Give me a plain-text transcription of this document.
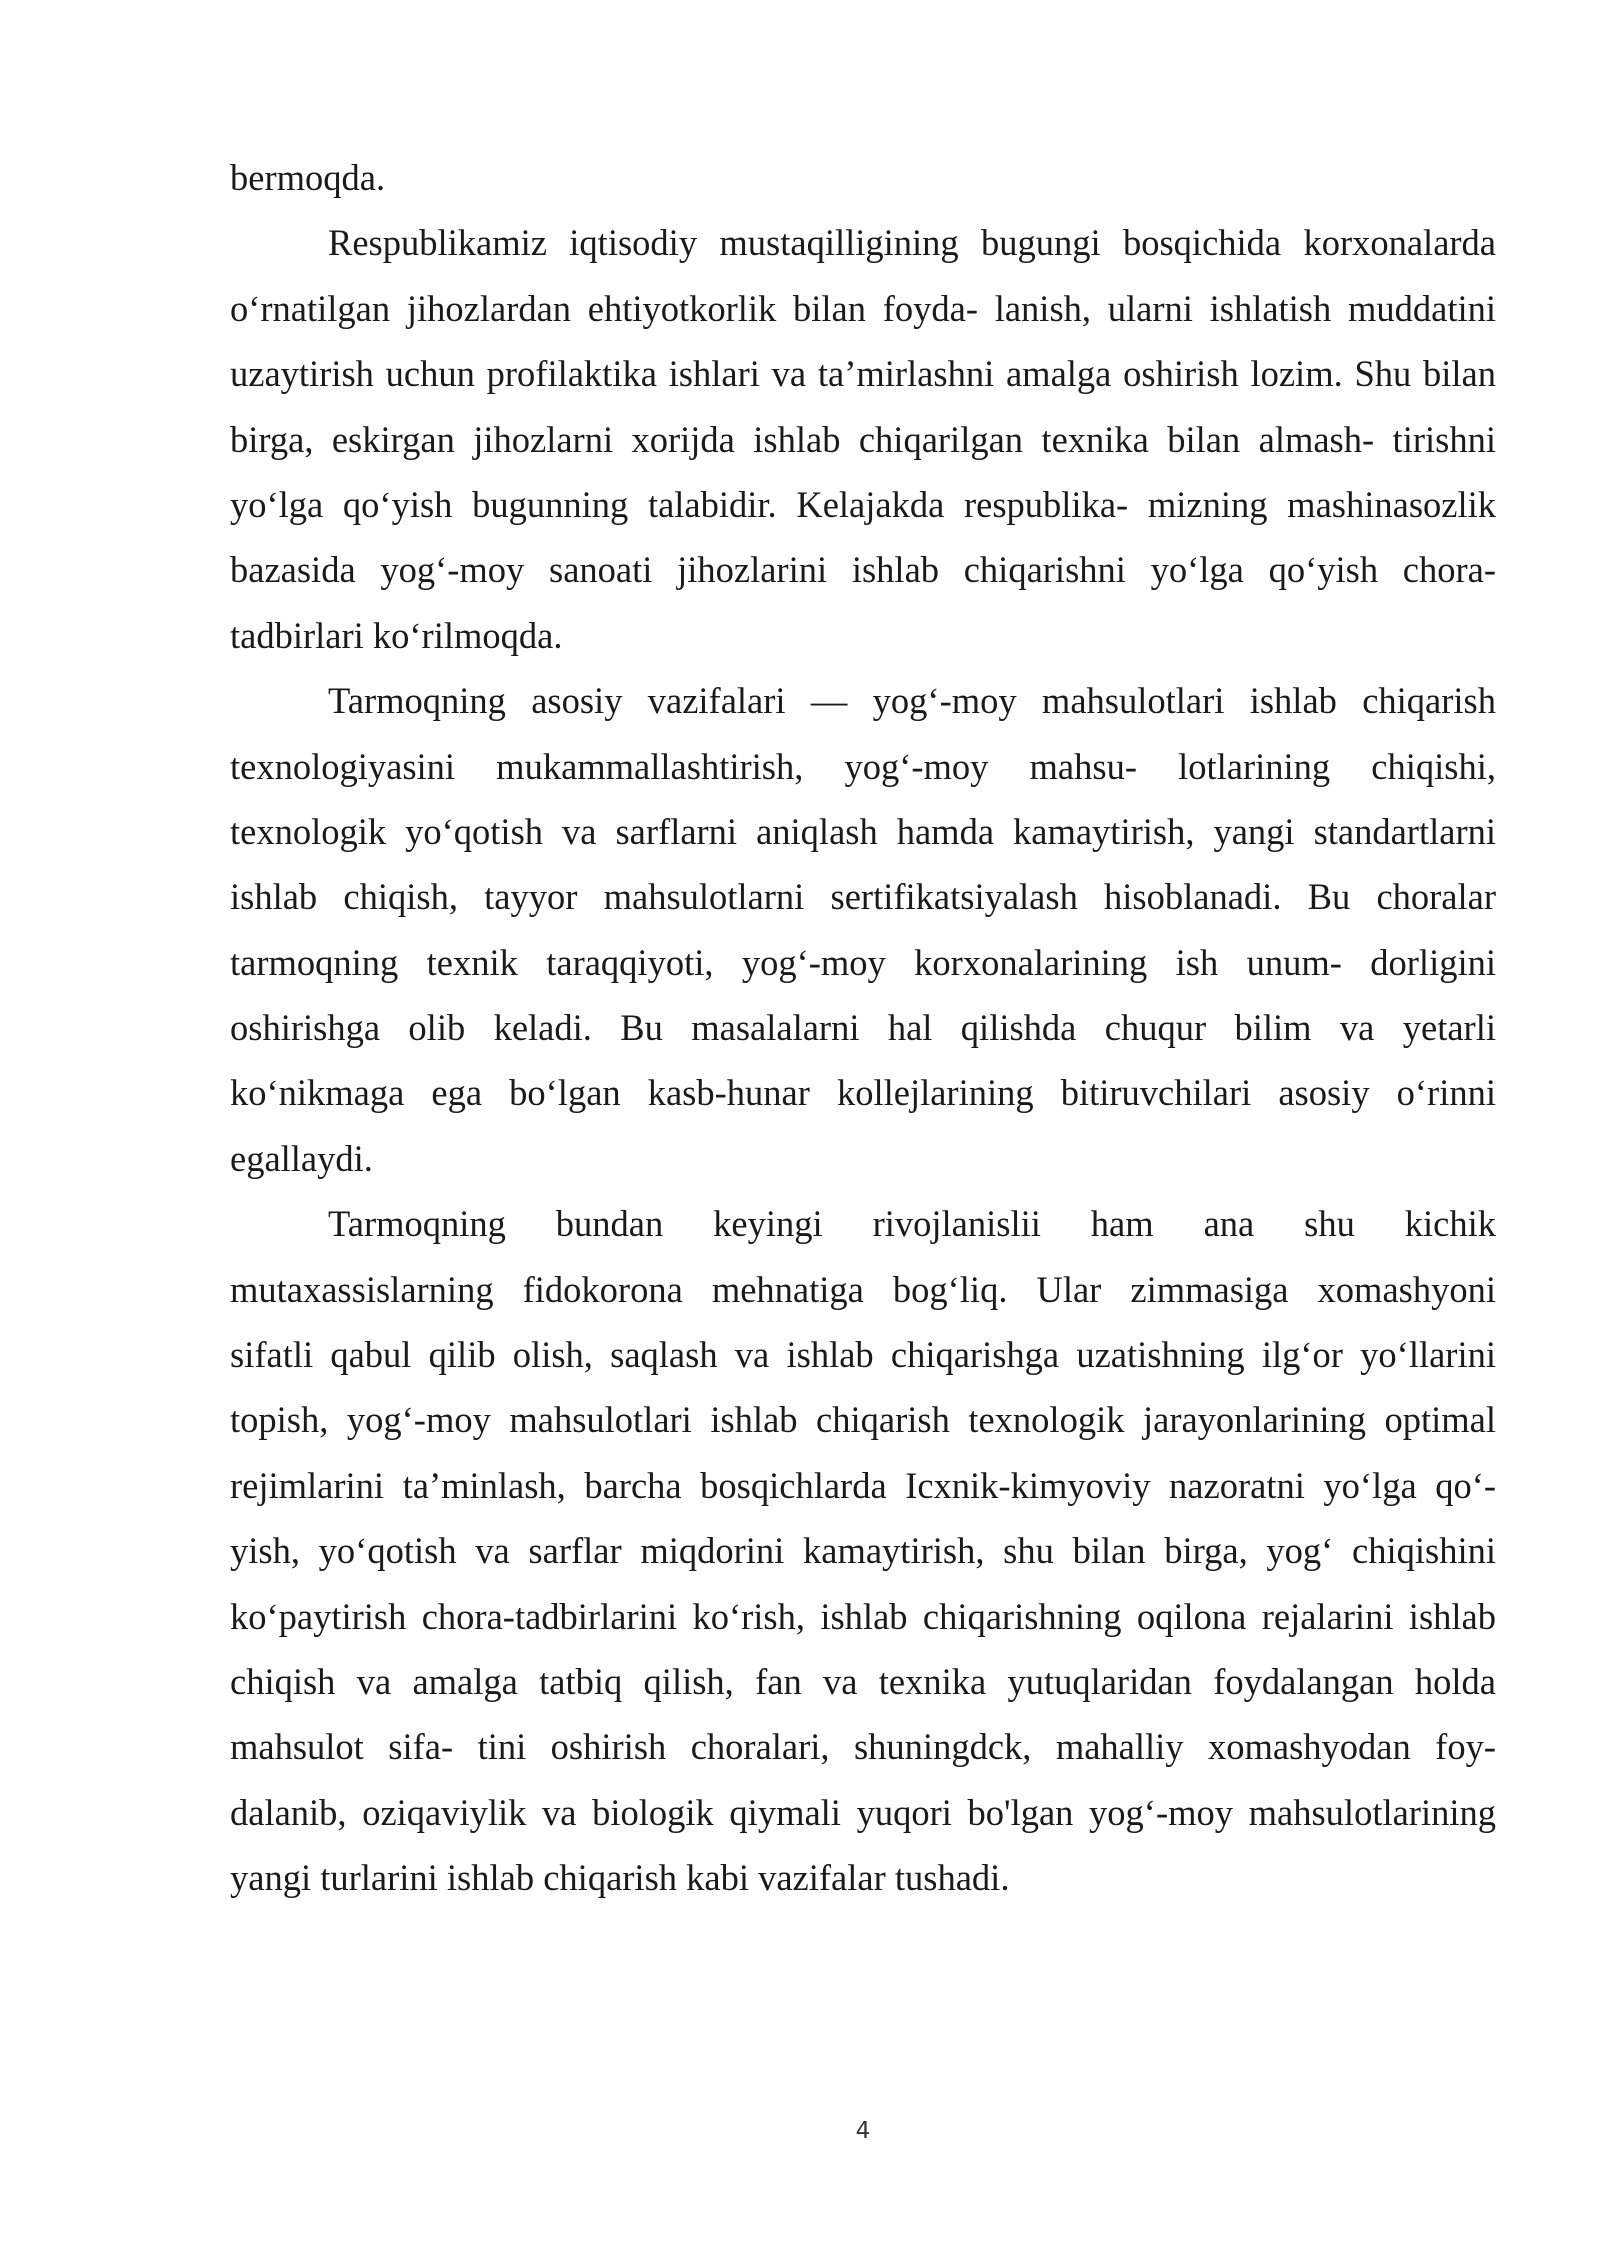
bermoqda.
Respublikamiz iqtisodiy mustaqilligining bugungi bosqichida korxonalarda
o‘rnatilgan jihozlardan ehtiyotkorlik bilan foyda- lanish, ularni ishlatish muddatini
uzaytirish uchun profilaktika ishlari va ta’mirlashni amalga oshirish lozim. Shu bilan
birga, eskirgan jihozlarni xorijda ishlab chiqarilgan texnika bilan almash- tirishni
yo‘lga qo‘yish bugunning talabidir. Kelajakda respublika- mizning mashinasozlik
bazasida yog‘-moy sanoati jihozlarini ishlab chiqarishni yo‘lga qo‘yish chora-
tadbirlari ko‘rilmoqda.
Tarmoqning asosiy vazifalari — yog‘-moy mahsulotlari ishlab chiqarish
texnologiyasini mukammallashtirish, yog‘-moy mahsu- lotlarining chiqishi,
texnologik yo‘qotish va sarflarni aniqlash hamda kamaytirish, yangi standartlarni
ishlab chiqish, tayyor mahsulotlarni sertifikatsiyalash hisoblanadi. Bu choralar
tarmoqning texnik taraqqiyoti, yog‘-moy korxonalarining ish unum- dorligini
oshirishga olib keladi. Bu masalalarni hal qilishda chuqur bilim va yetarli
ko‘nikmaga ega bo‘lgan kasb-hunar kollejlarining bitiruvchilari asosiy o‘rinni
egallaydi.
Tarmoqning bundan keyingi rivojlanislii ham ana shu kichik
mutaxassislarning fidokorona mehnatiga bog‘liq. Ular zimmasiga xomashyoni
sifatli qabul qilib olish, saqlash va ishlab chiqarishga uzatishning ilg‘or yo‘llarini
topish, yog‘-moy mahsulotlari ishlab chiqarish texnologik jarayonlarining optimal
rejimlarini ta’minlash, barcha bosqichlarda Icxnik-kimyoviy nazoratni yo‘lga qo‘-
yish, yo‘qotish va sarflar miqdorini kamaytirish, shu bilan birga, yog‘ chiqishini
ko‘paytirish chora-tadbirlarini ko‘rish, ishlab chiqarishning oqilona rejalarini ishlab
chiqish va amalga tatbiq qilish, fan va texnika yutuqlaridan foydalangan holda
mahsulot sifa- tini oshirish choralari, shuningdck, mahalliy xomashyodan foy-
dalanib, oziqaviylik va biologik qiymali yuqori bo'lgan yog‘-moy mahsulotlarining
yangi turlarini ishlab chiqarish kabi vazifalar tushadi.
4
